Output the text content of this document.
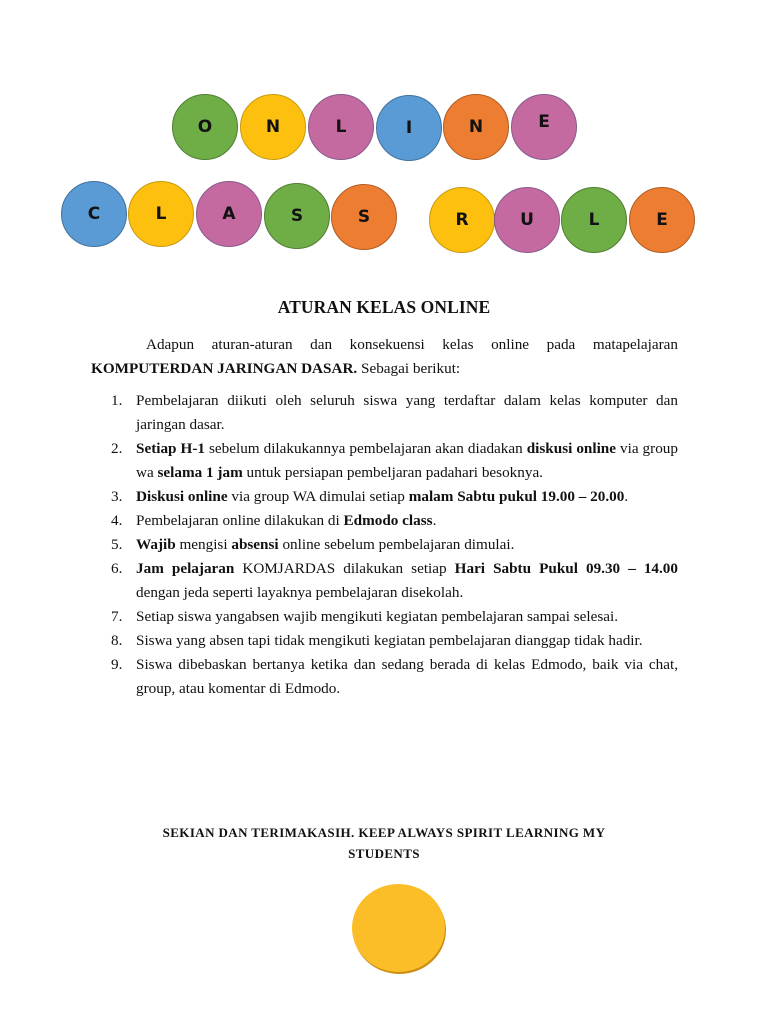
O	N	L	I	N	E
C	L	A	S	S	R	U	L	E
ATURAN KELAS ONLINE

Adapun aturan-aturan dan konsekuensi kelas online pada matapelajaran KOMPUTERDAN JARINGAN DASAR. Sebagai berikut:

1. Pembelajaran diikuti oleh seluruh siswa yang terdaftar dalam kelas komputer dan jaringan dasar.
2. Setiap H-1 sebelum dilakukannya pembelajaran akan diadakan diskusi online via group wa selama 1 jam untuk persiapan pembeljaran padahari besoknya.
3. Diskusi online via group WA dimulai setiap malam Sabtu pukul 19.00 – 20.00.
4. Pembelajaran online dilakukan di Edmodo class.
5. Wajib mengisi absensi online sebelum pembelajaran dimulai.
6. Jam pelajaran KOMJARDAS dilakukan setiap Hari Sabtu Pukul 09.30 – 14.00 dengan jeda seperti layaknya pembelajaran disekolah.
7. Setiap siswa yangabsen wajib mengikuti kegiatan pembelajaran sampai selesai.
8. Siswa yang absen tapi tidak mengikuti kegiatan pembelajaran dianggap tidak hadir.
9. Siswa dibebaskan bertanya ketika dan sedang berada di kelas Edmodo, baik via chat, group, atau komentar di Edmodo.
SEKIAN DAN TERIMAKASIH. KEEP ALWAYS SPIRIT LEARNING MY STUDENTS
